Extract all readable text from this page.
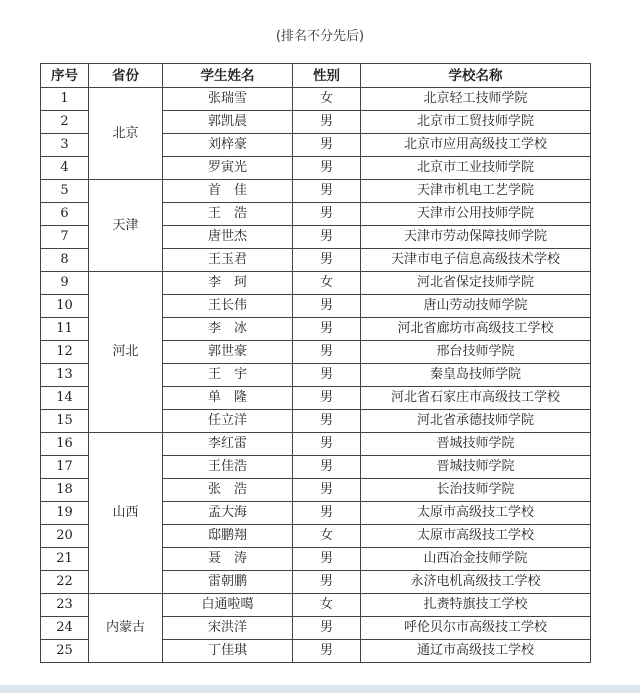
(排名不分先后)
序号	省份	学生姓名	性别	学校名称
1	北京	张瑞雪	女	北京轻工技师学院
2		郭凯晨	男	北京市工贸技师学院
3		刘梓豪	男	北京市应用高级技工学校
4		罗寅光	男	北京市工业技师学院
5	天津	首　佳	男	天津市机电工艺学院
6		王　浩	男	天津市公用技师学院
7		唐世杰	男	天津市劳动保障技师学院
8		王玉君	男	天津市电子信息高级技术学校
9	河北	李　珂	女	河北省保定技师学院
10		王长伟	男	唐山劳动技师学院
11		李　冰	男	河北省廊坊市高级技工学校
12		郭世豪	男	邢台技师学院
13		王　宇	男	秦皇岛技师学院
14		单　隆	男	河北省石家庄市高级技工学校
15		任立洋	男	河北省承德技师学院
16	山西	李红雷	男	晋城技师学院
17		王佳浩	男	晋城技师学院
18		张　浩	男	长治技师学院
19		孟大海	男	太原市高级技工学校
20		邸鹏翔	女	太原市高级技工学校
21		聂　涛	男	山西冶金技师学院
22		雷朝鹏	男	永济电机高级技工学校
23	内蒙古	白通啦噶	女	扎赉特旗技工学校
24		宋洪洋	男	呼伦贝尔市高级技工学校
25		丁佳琪	男	通辽市高级技工学校
